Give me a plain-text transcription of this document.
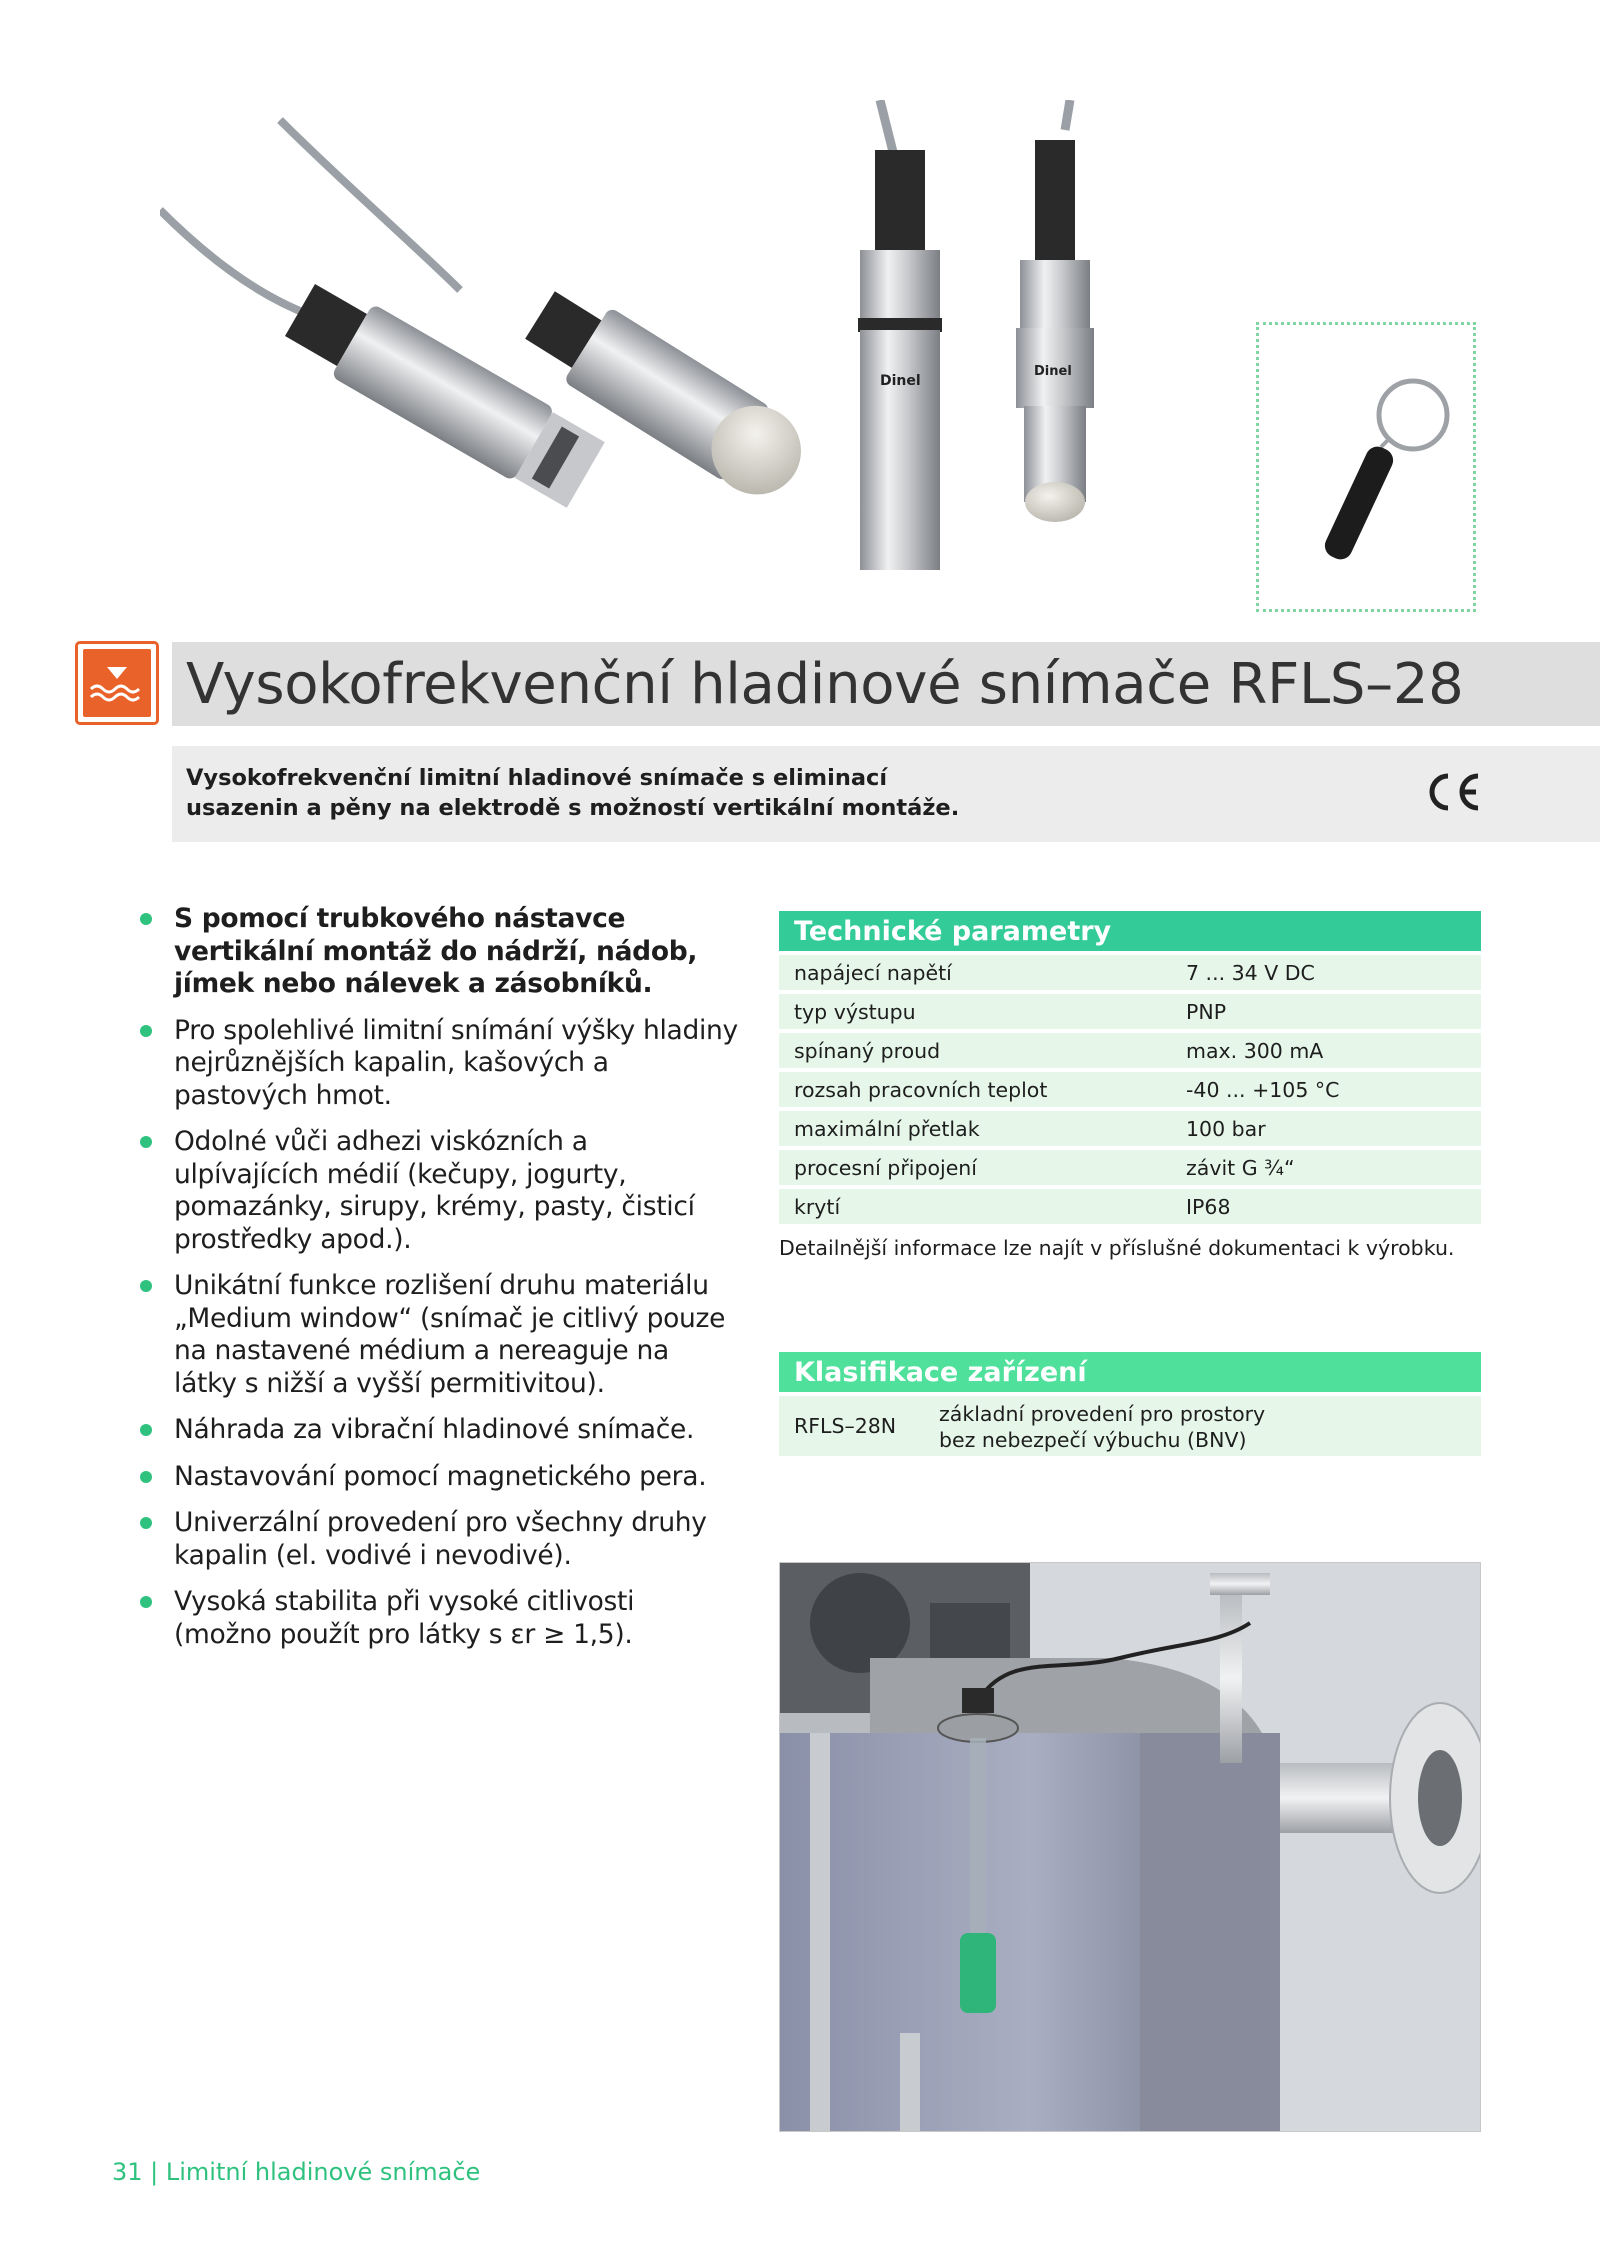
Dinel
Dinel
Vysokofrekvenční hladinové snímače RFLS–28
Vysokofrekvenční limitní hladinové snímače s eliminací
usazenin a pěny na elektrodě s možností vertikální montáže.
S pomocí trubkového nástavce vertikální montáž do nádrží, nádob, jímek nebo nálevek a zásobníků.
Pro spolehlivé limitní snímání výšky hladiny nejrůznějších kapalin, kašových a pastových hmot.
Odolné vůči adhezi viskózních a ulpívajících médií (kečupy, jogurty, pomazánky, sirupy, krémy, pasty, čisticí prostředky apod.).
Unikátní funkce rozlišení druhu materiálu „Medium window“ (snímač je citlivý pouze na nastavené médium a nereaguje na látky s nižší a vyšší permitivitou).
Náhrada za vibrační hladinové snímače.
Nastavování pomocí magnetického pera.
Univerzální provedení pro všechny druhy kapalin (el. vodivé i nevodivé).
Vysoká stabilita při vysoké citlivosti (možno použít pro látky s εr ≥ 1,5).
Technické parametry
napájecí napětí	7 ... 34 V DC
typ výstupu	PNP
spínaný proud	max. 300 mA
rozsah pracovních teplot	-40 ... +105 °C
maximální přetlak	100 bar
procesní připojení	závit G ¾“
krytí	IP68
Detailnější informace lze najít v příslušné dokumentaci k výrobku.
Klasifikace zařízení
RFLS–28N základní provedení pro prostory
bez nebezpečí výbuchu (BNV)
31 | Limitní hladinové snímače
